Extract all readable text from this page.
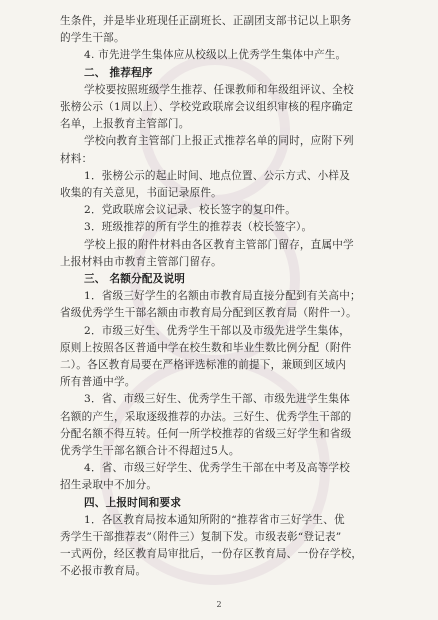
生条件，并是毕业班现任正副班长、正副团支部书记以上职务
的学生干部。
4. 市先进学生集体应从校级以上优秀学生集体中产生。
二、 推荐程序
学校要按照班级学生推荐、任课教师和年级组评议、全校
张榜公示（1周以上）、学校党政联席会议组织审核的程序确定
名单，上报教育主管部门。
学校向教育主管部门上报正式推荐名单的同时，应附下列
材料：
1．张榜公示的起止时间、地点位置、公示方式、小样及
收集的有关意见，书面记录原件。
2．党政联席会议记录、校长签字的复印件。
3．班级推荐的所有学生的推荐表（校长签字）。
学校上报的附件材料由各区教育主管部门留存，直属中学
上报材料由市教育主管部门留存。
三、 名额分配及说明
1．省级三好学生的名额由市教育局直接分配到有关高中；
省级优秀学生干部名额由市教育局分配到区教育局（附件一）。
2．市级三好生、优秀学生干部以及市级先进学生集体，
原则上按照各区普通中学在校生数和毕业生数比例分配（附件
二）。各区教育局要在严格评选标准的前提下，兼顾到区域内
所有普通中学。
3．省、市级三好生、优秀学生干部、市级先进学生集体
名额的产生，采取逐级推荐的办法。三好生、优秀学生干部的
分配名额不得互转。任何一所学校推荐的省级三好学生和省级
优秀学生干部名额合计不得超过5人。
4．省、市级三好学生、优秀学生干部在中考及高等学校
招生录取中不加分。
2
四、上报时间和要求
1．各区教育局按本通知所附的“推荐省市三好学生、优
秀学生干部推荐表”（附件三）复制下发。市级表彰“登记表”
一式两份，经区教育局审批后，一份存区教育局、一份存学校，
不必报市教育局。
